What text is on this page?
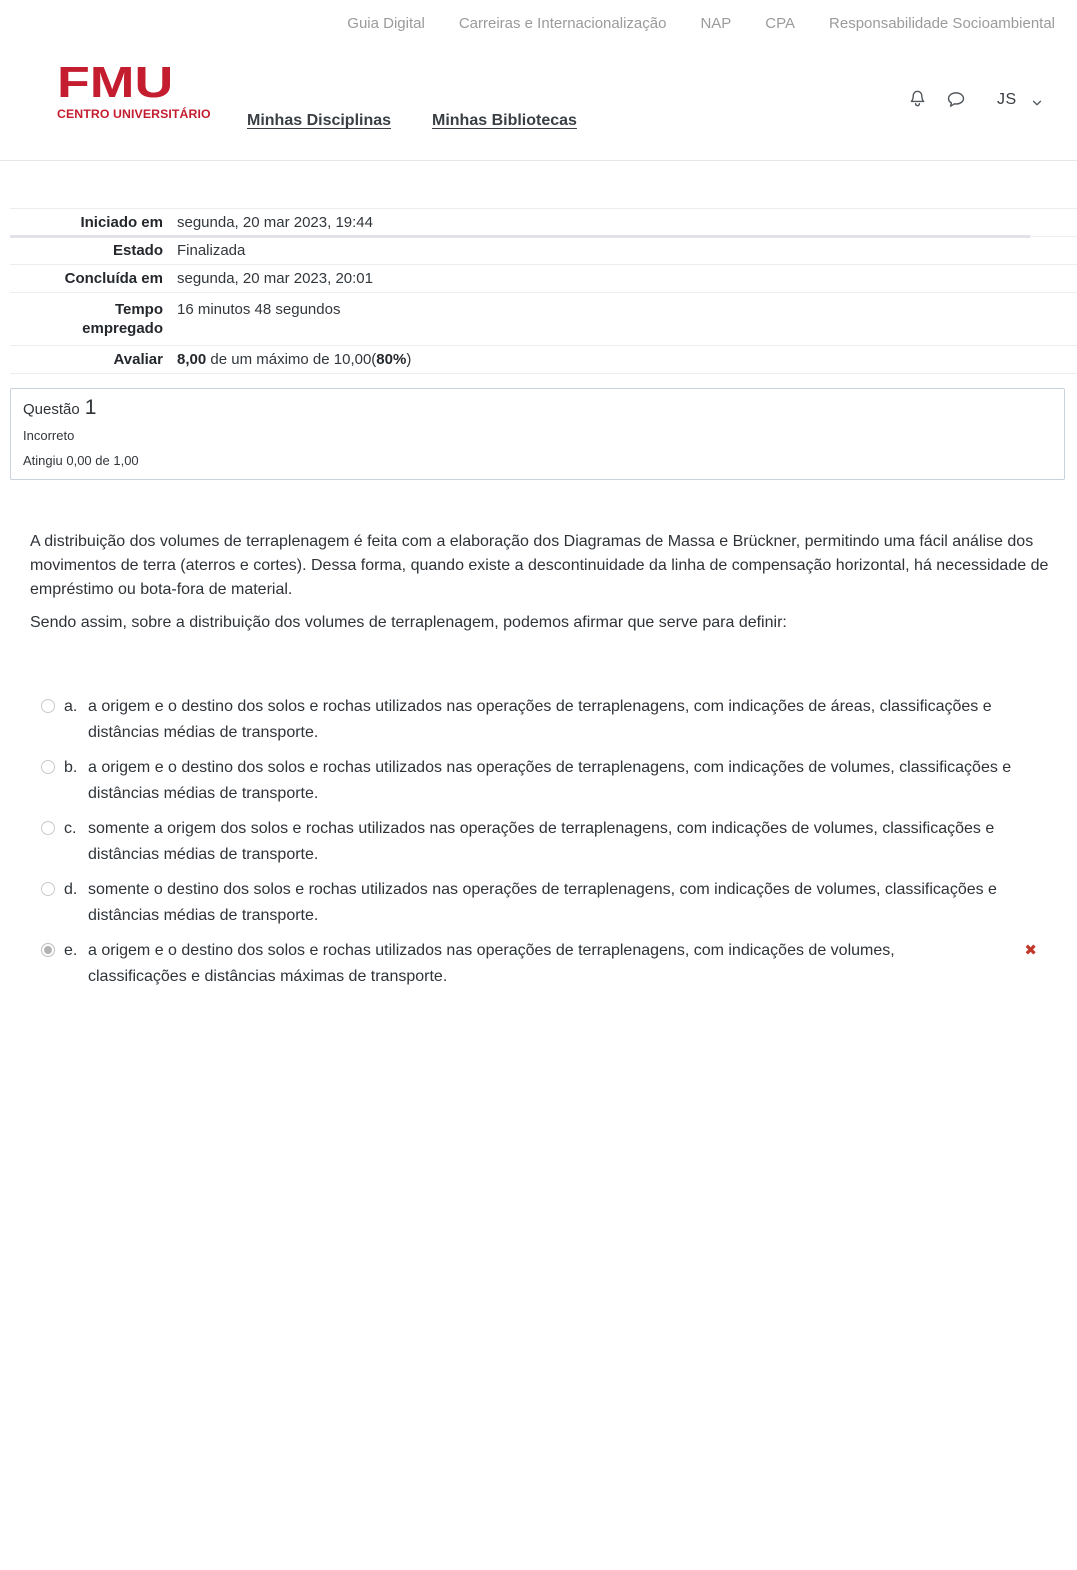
Guia Digital Carreiras e Internacionalização NAP CPA Responsabilidade Socioambiental
FMU
CENTRO UNIVERSITÁRIO Minhas Disciplinas	Minhas Bibliotecas
JS
Iniciado em segunda, 20 mar 2023, 19:44
Estado Finalizada
Concluída em segunda, 20 mar 2023, 20:01
Tempo empregado
16 minutos 48 segundos
Avaliar 8,00 de um máximo de 10,00(80%)
Questão 1
Incorreto
Atingiu 0,00 de 1,00

A distribuição dos volumes de terraplenagem é feita com a elaboração dos Diagramas de Massa e Brückner, permitindo uma fácil análise dos movimentos de terra (aterros e cortes). Dessa forma, quando existe a descontinuidade da linha de compensação horizontal, há necessidade de empréstimo ou bota-fora de material.

Sendo assim, sobre a distribuição dos volumes de terraplenagem, podemos afirmar que serve para definir:

a. a origem e o destino dos solos e rochas utilizados nas operações de terraplenagens, com indicações de áreas, classificações e distâncias médias de transporte.
b. a origem e o destino dos solos e rochas utilizados nas operações de terraplenagens, com indicações de volumes, classificações e distâncias médias de transporte.
c. somente a origem dos solos e rochas utilizados nas operações de terraplenagens, com indicações de volumes, classificações e distâncias médias de transporte.
d. somente o destino dos solos e rochas utilizados nas operações de terraplenagens, com indicações de volumes, classificações e distâncias médias de transporte.
e. a origem e o destino dos solos e rochas utilizados nas operações de terraplenagens, com indicações de volumes, classificações e distâncias máximas de transporte.
✖
